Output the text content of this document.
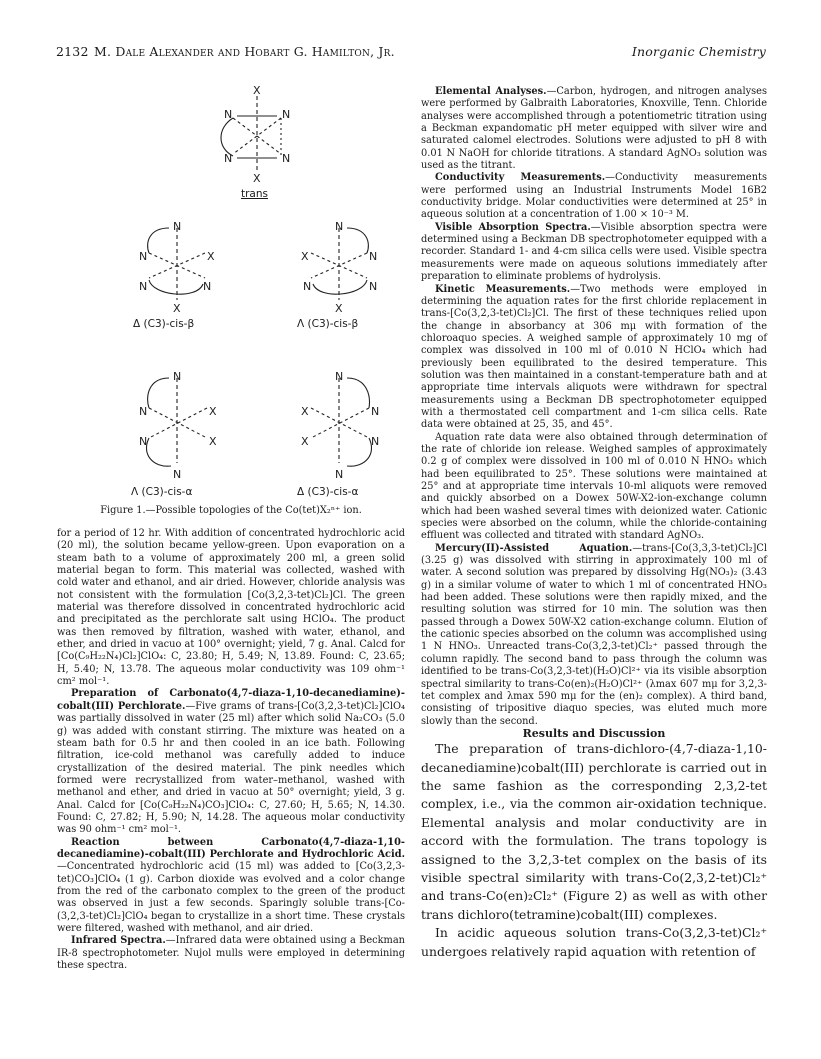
2132 M. Dale Alexander and Hobart G. Hamilton, Jr.	Inorganic Chemistry
X
N	N
N	N
X
N
N	X
N	N
X
N
X	N
N	N
X
N
N	X
N	X
N
N
X	N
X	N
N
trans
Δ (C3)-cis-β	Λ (C3)-cis-β
Λ (C3)-cis-α	Δ (C3)-cis-α
Figure 1.—Possible topologies of the Co(tet)X₂ⁿ⁺ ion.

for a period of 12 hr. With addition of concentrated hydrochloric acid (20 ml), the solution became yellow-green. Upon evaporation on a steam bath to a volume of approximately 200 ml, a green solid material began to form. This material was collected, washed with cold water and ethanol, and air dried. However, chloride analysis was not consistent with the formulation [Co(3,2,3-tet)Cl₂]Cl. The green material was therefore dissolved in concentrated hydrochloric acid and precipitated as the perchlorate salt using HClO₄. The product was then removed by filtration, washed with water, ethanol, and ether, and dried in vacuo at 100° overnight; yield, 7 g. Anal. Calcd for [Co(C₉H₂₂N₄)Cl₂]ClO₄: C, 23.80; H, 5.49; N, 13.89. Found: C, 23.65; H, 5.40; N, 13.78. The aqueous molar conductivity was 109 ohm⁻¹ cm² mol⁻¹.

Preparation of Carbonato(4,7-diaza-1,10-decanediamine)-cobalt(III) Perchlorate.—Five grams of trans-[Co(3,2,3-tet)Cl₂]ClO₄ was partially dissolved in water (25 ml) after which solid Na₂CO₃ (5.0 g) was added with constant stirring. The mixture was heated on a steam bath for 0.5 hr and then cooled in an ice bath. Following filtration, ice-cold methanol was carefully added to induce crystallization of the desired material. The pink needles which formed were recrystallized from water–methanol, washed with methanol and ether, and dried in vacuo at 50° overnight; yield, 3 g. Anal. Calcd for [Co(C₉H₂₂N₄)CO₃]ClO₄: C, 27.60; H, 5.65; N, 14.30. Found: C, 27.82; H, 5.90; N, 14.28. The aqueous molar conductivity was 90 ohm⁻¹ cm² mol⁻¹.

Reaction between Carbonato(4,7-diaza-1,10-decanediamine)-cobalt(III) Perchlorate and Hydrochloric Acid.—Concentrated hydrochloric acid (15 ml) was added to [Co(3,2,3-tet)CO₃]ClO₄ (1 g). Carbon dioxide was evolved and a color change from the red of the carbonato complex to the green of the product was observed in just a few seconds. Sparingly soluble trans-[Co-(3,2,3-tet)Cl₂]ClO₄ began to crystallize in a short time. These crystals were filtered, washed with methanol, and air dried.

Infrared Spectra.—Infrared data were obtained using a Beckman IR-8 spectrophotometer. Nujol mulls were employed in determining these spectra.

Elemental Analyses.—Carbon, hydrogen, and nitrogen analyses were performed by Galbraith Laboratories, Knoxville, Tenn. Chloride analyses were accomplished through a potentiometric titration using a Beckman expandomatic pH meter equipped with silver wire and saturated calomel electrodes. Solutions were adjusted to pH 8 with 0.01 N NaOH for chloride titrations. A standard AgNO₃ solution was used as the titrant.

Conductivity Measurements.—Conductivity measurements were performed using an Industrial Instruments Model 16B2 conductivity bridge. Molar conductivities were determined at 25° in aqueous solution at a concentration of 1.00 × 10⁻³ M.

Visible Absorption Spectra.—Visible absorption spectra were determined using a Beckman DB spectrophotometer equipped with a recorder. Standard 1- and 4-cm silica cells were used. Visible spectra measurements were made on aqueous solutions immediately after preparation to eliminate problems of hydrolysis.

Kinetic Measurements.—Two methods were employed in determining the aquation rates for the first chloride replacement in trans-[Co(3,2,3-tet)Cl₂]Cl. The first of these techniques relied upon the change in absorbancy at 306 mμ with formation of the chloroaquo species. A weighed sample of approximately 10 mg of complex was dissolved in 100 ml of 0.010 N HClO₄ which had previously been equilibrated to the desired temperature. This solution was then maintained in a constant-temperature bath and at appropriate time intervals aliquots were withdrawn for spectral measurements using a Beckman DB spectrophotometer equipped with a thermostated cell compartment and 1-cm silica cells. Rate data were obtained at 25, 35, and 45°.

Aquation rate data were also obtained through determination of the rate of chloride ion release. Weighed samples of approximately 0.2 g of complex were dissolved in 100 ml of 0.010 N HNO₃ which had been equilibrated to 25°. These solutions were maintained at 25° and at appropriate time intervals 10-ml aliquots were removed and quickly absorbed on a Dowex 50W-X2-ion-exchange column which had been washed several times with deionized water. Cationic species were absorbed on the column, while the chloride-containing effluent was collected and titrated with standard AgNO₃.

Mercury(II)-Assisted Aquation.—trans-[Co(3,3,3-tet)Cl₂]Cl (3.25 g) was dissolved with stirring in approximately 100 ml of water. A second solution was prepared by dissolving Hg(NO₃)₂ (3.43 g) in a similar volume of water to which 1 ml of concentrated HNO₃ had been added. These solutions were then rapidly mixed, and the resulting solution was stirred for 10 min. The solution was then passed through a Dowex 50W-X2 cation-exchange column. Elution of the cationic species absorbed on the column was accomplished using 1 N HNO₃. Unreacted trans-Co(3,2,3-tet)Cl₂⁺ passed through the column rapidly. The second band to pass through the column was identified to be trans-Co(3,2,3-tet)(H₂O)Cl²⁺ via its visible absorption spectral similarity to trans-Co(en)₂(H₂O)Cl²⁺ (λmax 607 mμ for 3,2,3-tet complex and λmax 590 mμ for the (en)₂ complex). A third band, consisting of tripositive diaquo species, was eluted much more slowly than the second.

Results and Discussion

The preparation of trans-dichloro-(4,7-diaza-1,10-decanediamine)cobalt(III) perchlorate is carried out in the same fashion as the corresponding 2,3,2-tet complex, i.e., via the common air-oxidation technique. Elemental analysis and molar conductivity are in accord with the formulation. The trans topology is assigned to the 3,2,3-tet complex on the basis of its visible spectral similarity with trans-Co(2,3,2-tet)Cl₂⁺ and trans-Co(en)₂Cl₂⁺ (Figure 2) as well as with other trans dichloro(tetramine)cobalt(III) complexes.

In acidic aqueous solution trans-Co(3,2,3-tet)Cl₂⁺ undergoes relatively rapid aquation with retention of
